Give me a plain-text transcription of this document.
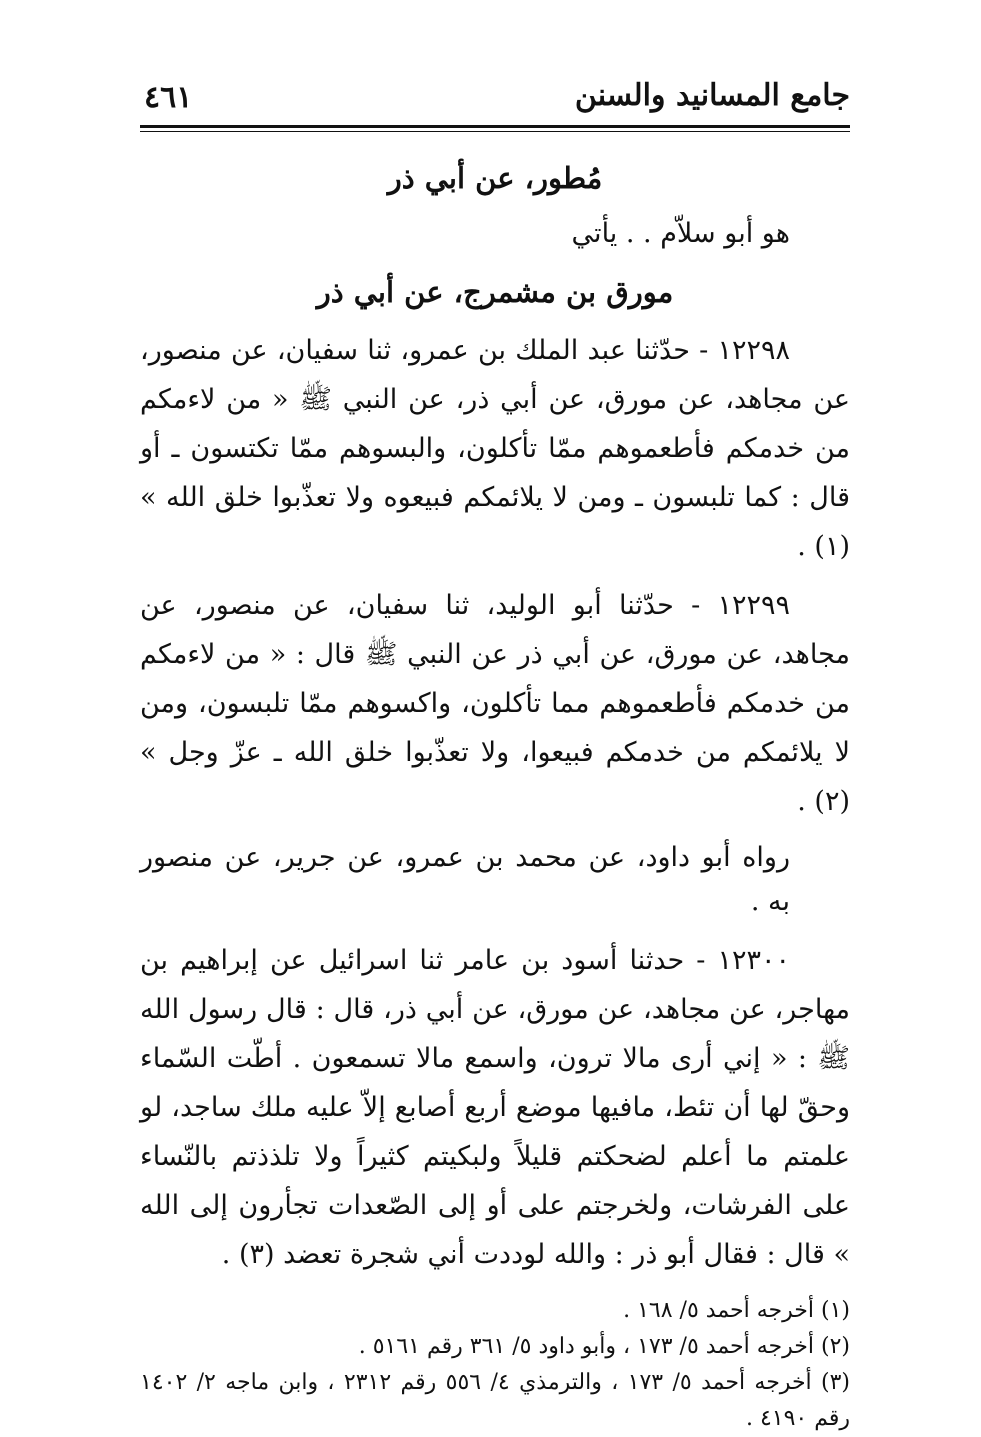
جامع المسانيد والسنن
٤٦١
مُطور، عن أبي ذر

هو أبو سلاّم . . يأتي

مورق بن مشمرج، عن أبي ذر

١٢٢٩٨ - حدّثنا عبد الملك بن عمرو، ثنا سفيان، عن منصور، عن مجاهد، عن مورق، عن أبي ذر، عن النبي ﷺ « من لاءمكم من خدمكم فأطعموهم ممّا تأكلون، والبسوهم ممّا تكتسون ـ أو قال : كما تلبسون ـ ومن لا يلائمكم فبيعوه ولا تعذّبوا خلق الله » (١) .

١٢٢٩٩ - حدّثنا أبو الوليد، ثنا سفيان، عن منصور، عن مجاهد، عن مورق، عن أبي ذر عن النبي ﷺ قال : « من لاءمكم من خدمكم فأطعموهم مما تأكلون، واكسوهم ممّا تلبسون، ومن لا يلائمكم من خدمكم فبيعوا، ولا تعذّبوا خلق الله ـ عزّ وجل » (٢) .

رواه أبو داود، عن محمد بن عمرو، عن جرير، عن منصور به .

١٢٣٠٠ - حدثنا أسود بن عامر ثنا اسرائيل عن إبراهيم بن مهاجر، عن مجاهد، عن مورق، عن أبي ذر، قال : قال رسول الله ﷺ : « إني أرى مالا ترون، واسمع مالا تسمعون . أطّت السّماء وحقّ لها أن تئط، مافيها موضع أربع أصابع إلاّ عليه ملك ساجد، لو علمتم ما أعلم لضحكتم قليلاً ولبكيتم كثيراً ولا تلذذتم بالنّساء على الفرشات، ولخرجتم على أو إلى الصّعدات تجأرون إلى الله » قال : فقال أبو ذر : والله لوددت أني شجرة تعضد (٣) .

(١) أخرجه أحمد ٥/ ١٦٨ .

(٢) أخرجه أحمد ٥/ ١٧٣ ، وأبو داود ٥/ ٣٦١ رقم ٥١٦١ .

(٣) أخرجه أحمد ٥/ ١٧٣ ، والترمذي ٤/ ٥٥٦ رقم ٢٣١٢ ، وابن ماجه ٢/ ١٤٠٢ رقم ٤١٩٠ .
